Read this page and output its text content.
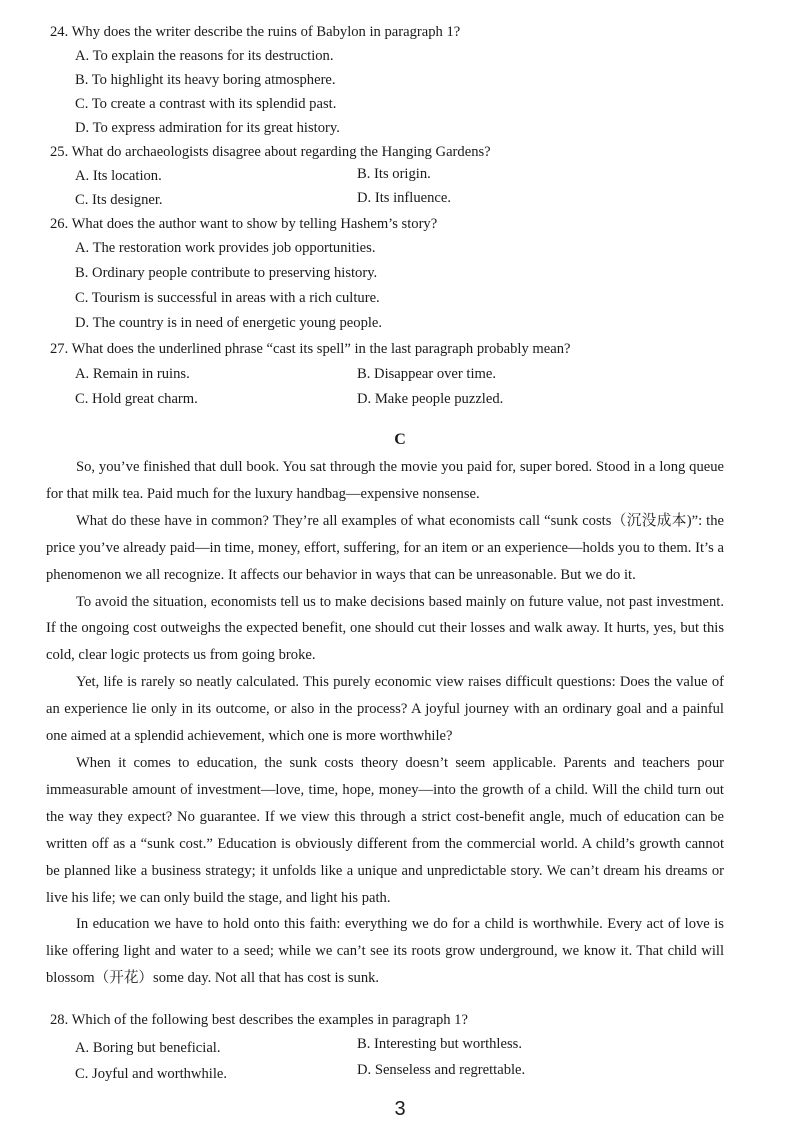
24. Why does the writer describe the ruins of Babylon in paragraph 1?
A. To explain the reasons for its destruction.
B. To highlight its heavy boring atmosphere.
C. To create a contrast with its splendid past.
D. To express admiration for its great history.
25. What do archaeologists disagree about regarding the Hanging Gardens?
A. Its location.	B. Its origin.
C. Its designer.	D. Its influence.
26. What does the author want to show by telling Hashem’s story?
A. The restoration work provides job opportunities.
B. Ordinary people contribute to preserving history.
C. Tourism is successful in areas with a rich culture.
D. The country is in need of energetic young people.
27. What does the underlined phrase “cast its spell” in the last paragraph probably mean?
A. Remain in ruins.	B. Disappear over time.
C. Hold great charm.	D. Make people puzzled.
C

So, you’ve finished that dull book. You sat through the movie you paid for, super bored. Stood in a long queue for that milk tea. Paid much for the luxury handbag—expensive nonsense.

What do these have in common? They’re all examples of what economists call “sunk costs（沉没成本)”: the price you’ve already paid—in time, money, effort, suffering, for an item or an experience—holds you to them. It’s a phenomenon we all recognize. It affects our behavior in ways that can be unreasonable. But we do it.

To avoid the situation, economists tell us to make decisions based mainly on future value, not past investment. If the ongoing cost outweighs the expected benefit, one should cut their losses and walk away. It hurts, yes, but this cold, clear logic protects us from going broke.

Yet, life is rarely so neatly calculated. This purely economic view raises difficult questions: Does the value of an experience lie only in its outcome, or also in the process? A joyful journey with an ordinary goal and a painful one aimed at a splendid achievement, which one is more worthwhile?

When it comes to education, the sunk costs theory doesn’t seem applicable. Parents and teachers pour immeasurable amount of investment—love, time, hope, money—into the growth of a child. Will the child turn out the way they expect? No guarantee. If we view this through a strict cost-benefit angle, much of education can be written off as a “sunk cost.” Education is obviously different from the commercial world. A child’s growth cannot be planned like a business strategy; it unfolds like a unique and unpredictable story. We can’t dream his dreams or live his life; we can only build the stage, and light his path.

In education we have to hold onto this faith: everything we do for a child is worthwhile. Every act of love is like offering light and water to a seed; while we can’t see its roots grow underground, we know it. That child will blossom（开花）some day. Not all that has cost is sunk.

28. Which of the following best describes the examples in paragraph 1?
A. Boring but beneficial.	B. Interesting but worthless.
C. Joyful and worthwhile.	D. Senseless and regrettable.
3
